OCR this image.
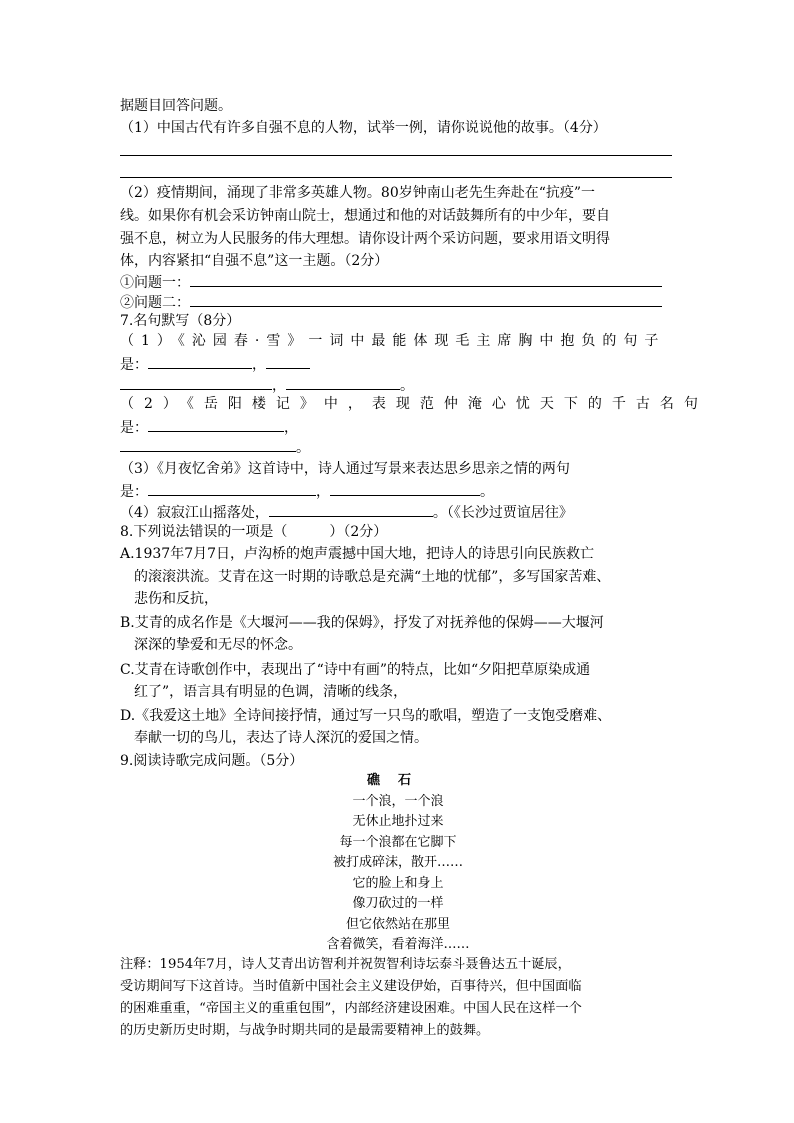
据题目回答问题。
（1）中国古代有许多自强不息的人物，试举一例，请你说说他的故事。（4分）
（2）疫情期间，涌现了非常多英雄人物。80岁钟南山老先生奔赴在“抗疫”一
线。如果你有机会采访钟南山院士，想通过和他的对话鼓舞所有的中少年，要自
强不息，树立为人民服务的伟大理想。请你设计两个采访问题，要求用语文明得
体，内容紧扣“自强不息”这一主题。（2分）
①问题一：
②问题二：
7.名句默写（8分）
（1）《沁园春·雪》一词中最能体现毛主席胸中抱负的句子
是：	，
，	。
（2）《岳阳楼记》中，表现范仲淹心忧天下的千古名句
是：	，
。
（3）《月夜忆舍弟》这首诗中，诗人通过写景来表达思乡思亲之情的两句
是：	，	。
（4）寂寂江山摇落处，	。（《长沙过贾谊居往》
8.下列说法错误的一项是（　　　）（2分）
A.1937年7月7日，卢沟桥的炮声震撼中国大地，把诗人的诗思引向民族救亡
　的滚滚洪流。艾青在这一时期的诗歌总是充满“土地的忧郁”，多写国家苦难、
　悲伤和反抗，
B.艾青的成名作是《大堰河——我的保姆》，抒发了对抚养他的保姆——大堰河
　深深的挚爱和无尽的怀念。
C.艾青在诗歌创作中，表现出了“诗中有画”的特点，比如“夕阳把草原染成通
　红了”，语言具有明显的色调，清晰的线条，
D.《我爱这土地》全诗间接抒情，通过写一只鸟的歌唱，塑造了一支饱受磨难、
　奉献一切的鸟儿，表达了诗人深沉的爱国之情。
9.阅读诗歌完成问题。（5分）
礁石
一个浪，一个浪
无休止地扑过来
每一个浪都在它脚下
被打成碎沫，散开……
它的脸上和身上
像刀砍过的一样
但它依然站在那里
含着微笑，看着海洋……
注释：1954年7月，诗人艾青出访智利并祝贺智利诗坛泰斗聂鲁达五十诞辰，
受访期间写下这首诗。当时值新中国社会主义建设伊始，百事待兴，但中国面临
的困难重重，“帝国主义的重重包围”，内部经济建设困难。中国人民在这样一个
的历史新历史时期，与战争时期共同的是最需要精神上的鼓舞。
